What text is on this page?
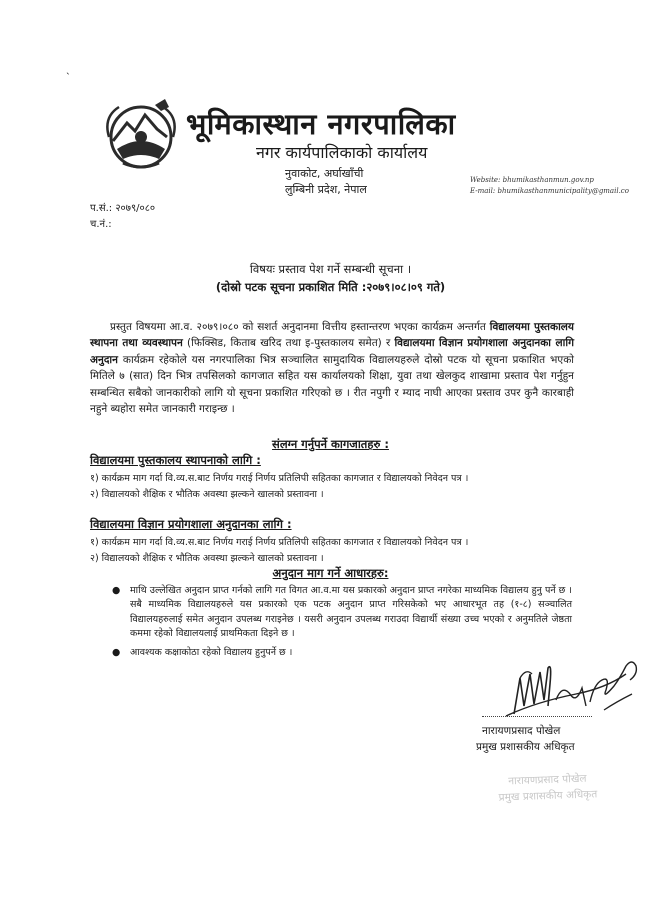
˴
भूमिकास्थान नगरपालिका
नगर कार्यपालिकाको कार्यालय
नुवाकोट, अर्घाखाँची
लुम्बिनी प्रदेश, नेपाल
Website: bhumikasthanmun.gov.np
E-mail: bhumikasthanmunicipality@gmail.co
प.सं.: २०७९/०८०
च.नं.:
विषयः प्रस्ताव पेश गर्ने सम्बन्धी सूचना ।
(दोस्रो पटक सूचना प्रकाशित मिति :२०७९।०८।०९ गते)
प्रस्तुत विषयमा आ.व. २०७९।०८० को सशर्त अनुदानमा वित्तीय हस्तान्तरण भएका कार्यक्रम अन्तर्गत विद्यालयमा पुस्तकालय स्थापना तथा व्यवस्थापन (फिक्सिड, किताब खरिद तथा इ-पुस्तकालय समेत) र विद्यालयमा विज्ञान प्रयोगशाला अनुदानका लागि अनुदान कार्यक्रम रहेकोले यस नगरपालिका भित्र सञ्चालित सामुदायिक विद्यालयहरुले दोस्रो पटक यो सूचना प्रकाशित भएको मितिले ७ (सात) दिन भित्र तपसिलको कागजात सहित यस कार्यालयको शिक्षा, युवा तथा खेलकुद शाखामा प्रस्ताव पेश गर्नुहुन सम्बन्धित सबैको जानकारीको लागि यो सूचना प्रकाशित गरिएको छ । रीत नपुगी र म्याद नाघी आएका प्रस्ताव उपर कुनै कारबाही नहुने ब्यहोरा समेत जानकारी गराइन्छ ।
संलग्न गर्नुपर्ने कागजातहरु :
विद्यालयमा पुस्तकालय स्थापनाको लागि :
१) कार्यक्रम माग गर्दा वि.व्य.स.बाट निर्णय गराई निर्णय प्रतिलिपी सहितका कागजात र विद्यालयको निवेदन पत्र ।
२) विद्यालयको शैक्षिक र भौतिक अवस्था झल्कने खालको प्रस्तावना ।
विद्यालयमा विज्ञान प्रयोगशाला अनुदानका लागि :
१) कार्यक्रम माग गर्दा वि.व्य.स.बाट निर्णय गराई निर्णय प्रतिलिपी सहितका कागजात र विद्यालयको निवेदन पत्र ।
२) विद्यालयको शैक्षिक र भौतिक अवस्था झल्कने खालको प्रस्तावना ।
अनुदान माग गर्ने आधारहरु:
● माथि उल्लेखित अनुदान प्राप्त गर्नको लागि गत विगत आ.व.मा यस प्रकारको अनुदान प्राप्त नगरेका माध्यमिक विद्यालय हुनु पर्ने छ । सबै माध्यमिक विद्यालयहरुले यस प्रकारको एक पटक अनुदान प्राप्त गरिसकेको भए आधारभूत तह (१-८) सञ्चालित विद्यालयहरुलाई समेत अनुदान उपलब्ध गराइनेछ । यसरी अनुदान उपलब्ध गराउदा विद्यार्थी संख्या उच्च भएको र अनुमतिले जेष्ठता कममा रहेको विद्यालयलाई प्राथमिकता दिइने छ ।
● आवश्यक कक्षाकोठा रहेको विद्यालय हुनुपर्ने छ ।
नारायणप्रसाद पोखेल
प्रमुख प्रशासकीय अधिकृत
नारायणप्रसाद पोखेल
प्रमुख प्रशासकीय अधिकृत
